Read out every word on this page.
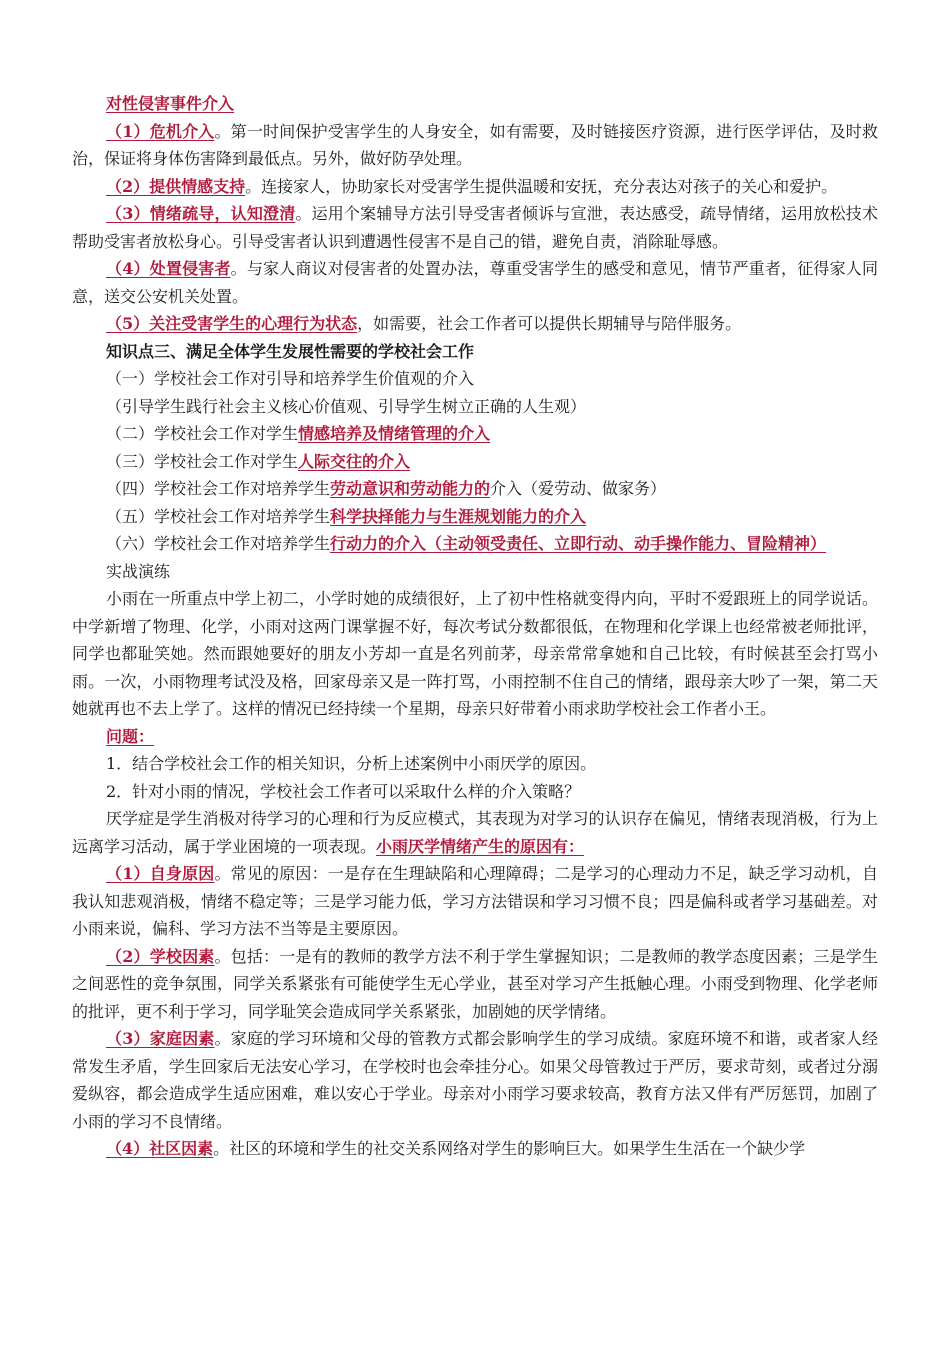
对性侵害事件介入

（1）危机介入。第一时间保护受害学生的人身安全，如有需要，及时链接医疗资源，进行医学评估，及时救治，保证将身体伤害降到最低点。另外，做好防孕处理。

（2）提供情感支持。连接家人，协助家长对受害学生提供温暖和安抚，充分表达对孩子的关心和爱护。

（3）情绪疏导，认知澄清。运用个案辅导方法引导受害者倾诉与宣泄，表达感受，疏导情绪，运用放松技术帮助受害者放松身心。引导受害者认识到遭遇性侵害不是自己的错，避免自责，消除耻辱感。

（4）处置侵害者。与家人商议对侵害者的处置办法，尊重受害学生的感受和意见，情节严重者，征得家人同意，送交公安机关处置。

（5）关注受害学生的心理行为状态，如需要，社会工作者可以提供长期辅导与陪伴服务。

知识点三、满足全体学生发展性需要的学校社会工作

（一）学校社会工作对引导和培养学生价值观的介入

（引导学生践行社会主义核心价值观、引导学生树立正确的人生观）

（二）学校社会工作对学生情感培养及情绪管理的介入

（三）学校社会工作对学生人际交往的介入

（四）学校社会工作对培养学生劳动意识和劳动能力的介入（爱劳动、做家务）

（五）学校社会工作对培养学生科学抉择能力与生涯规划能力的介入

（六）学校社会工作对培养学生行动力的介入（主动领受责任、立即行动、动手操作能力、冒险精神）

实战演练

小雨在一所重点中学上初二，小学时她的成绩很好，上了初中性格就变得内向，平时不爱跟班上的同学说话。中学新增了物理、化学，小雨对这两门课掌握不好，每次考试分数都很低，在物理和化学课上也经常被老师批评，同学也都耻笑她。然而跟她要好的朋友小芳却一直是名列前茅，母亲常常拿她和自己比较，有时候甚至会打骂小雨。一次，小雨物理考试没及格，回家母亲又是一阵打骂，小雨控制不住自己的情绪，跟母亲大吵了一架，第二天她就再也不去上学了。这样的情况已经持续一个星期，母亲只好带着小雨求助学校社会工作者小王。

问题：

1．结合学校社会工作的相关知识，分析上述案例中小雨厌学的原因。

2．针对小雨的情况，学校社会工作者可以采取什么样的介入策略？

厌学症是学生消极对待学习的心理和行为反应模式，其表现为对学习的认识存在偏见，情绪表现消极，行为上远离学习活动，属于学业困境的一项表现。小雨厌学情绪产生的原因有：

（1）自身原因。常见的原因：一是存在生理缺陷和心理障碍；二是学习的心理动力不足，缺乏学习动机，自我认知悲观消极，情绪不稳定等；三是学习能力低，学习方法错误和学习习惯不良；四是偏科或者学习基础差。对小雨来说，偏科、学习方法不当等是主要原因。

（2）学校因素。包括：一是有的教师的教学方法不利于学生掌握知识；二是教师的教学态度因素；三是学生之间恶性的竞争氛围，同学关系紧张有可能使学生无心学业，甚至对学习产生抵触心理。小雨受到物理、化学老师的批评，更不利于学习，同学耻笑会造成同学关系紧张，加剧她的厌学情绪。

（3）家庭因素。家庭的学习环境和父母的管教方式都会影响学生的学习成绩。家庭环境不和谐，或者家人经常发生矛盾，学生回家后无法安心学习，在学校时也会牵挂分心。如果父母管教过于严厉，要求苛刻，或者过分溺爱纵容，都会造成学生适应困难，难以安心于学业。母亲对小雨学习要求较高，教育方法又伴有严厉惩罚，加剧了小雨的学习不良情绪。

（4）社区因素。社区的环境和学生的社交关系网络对学生的影响巨大。如果学生生活在一个缺少学
